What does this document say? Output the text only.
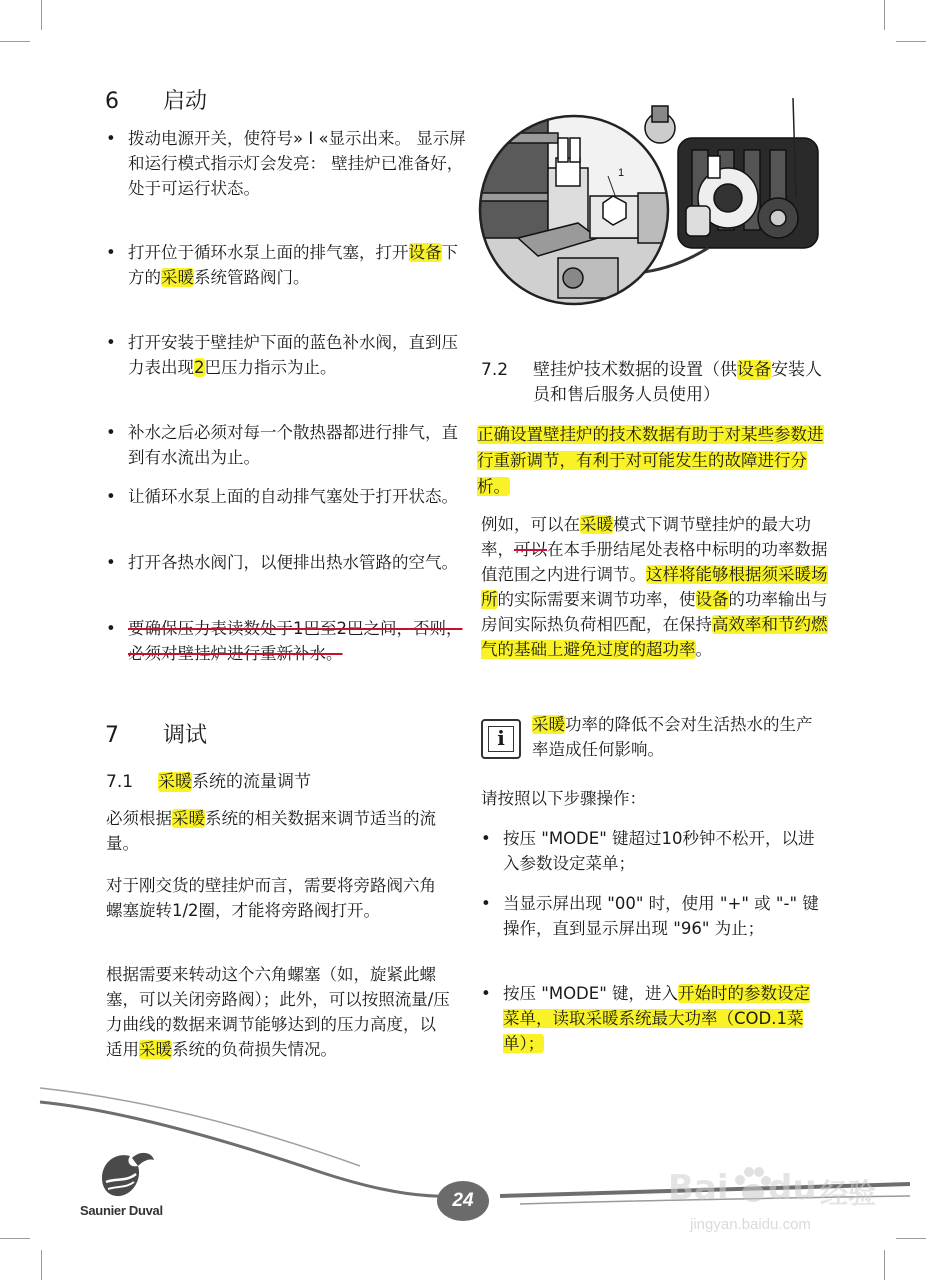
6 启动
• 拨动电源开关，使符号» I «显示出来。 显示屏和运行模式指示灯会发亮： 壁挂炉已准备好，处于可运行状态。
• 打开位于循环水泵上面的排气塞，打开设备下方的采暖系统管路阀门。
• 打开安装于壁挂炉下面的蓝色补水阀，直到压力表出现2巴压力指示为止。
• 补水之后必须对每一个散热器都进行排气，直到有水流出为止。
• 让循环水泵上面的自动排气塞处于打开状态。
• 打开各热水阀门，以便排出热水管路的空气。
• 要确保压力表读数处于1巴至2巴之间，否则，必须对壁挂炉进行重新补水。
7 调试
7.1 采暖系统的流量调节
必须根据采暖系统的相关数据来调节适当的流量。
对于刚交货的壁挂炉而言，需要将旁路阀六角螺塞旋转1/2圈，才能将旁路阀打开。
根据需要来转动这个六角螺塞（如，旋紧此螺塞，可以关闭旁路阀）；此外，可以按照流量/压力曲线的数据来调节能够达到的压力高度，以适用采暖系统的负荷损失情况。
1
7.2 壁挂炉技术数据的设置（供设备安装人员和售后服务人员使用）
正确设置壁挂炉的技术数据有助于对某些参数进行重新调节，有利于对可能发生的故障进行分析。
例如，可以在采暖模式下调节壁挂炉的最大功率，可以在本手册结尾处表格中标明的功率数据值范围之内进行调节。这样将能够根据须采暖场所的实际需要来调节功率，使设备的功率输出与房间实际热负荷相匹配，在保持高效率和节约燃气的基础上避免过度的超功率。
i
采暖功率的降低不会对生活热水的生产率造成任何影响。
请按照以下步骤操作：
• 按压 "MODE" 键超过10秒钟不松开，以进入参数设定菜单；
• 当显示屏出现 "00" 时，使用 "+" 或 "-" 键操作，直到显示屏出现 "96" 为止；
• 按压 "MODE" 键，进入开始时的参数设定菜单，读取采暖系统最大功率（COD.1菜单）；
24
Saunier Duval
Bai du 经验
jingyan.baidu.com
